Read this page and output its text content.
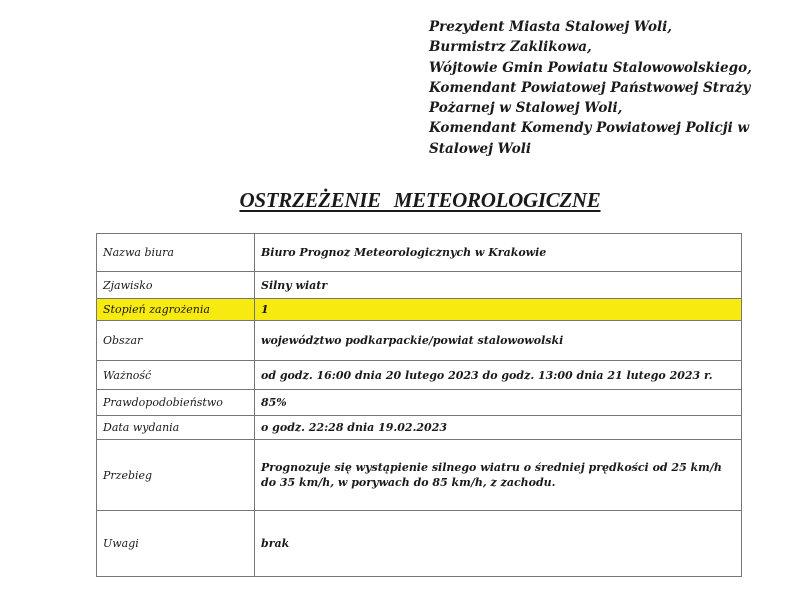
Prezydent Miasta Stalowej Woli,
Burmistrz Zaklikowa,
Wójtowie Gmin Powiatu Stalowowolskiego,
Komendant Powiatowej Państwowej Straży
Pożarnej w Stalowej Woli,
Komendant Komendy Powiatowej Policji w
Stalowej Woli
OSTRZEŻENIE METEOROLOGICZNE
Nazwa biura	Biuro Prognoz Meteorologicznych w Krakowie
Zjawisko	Silny wiatr
Stopień zagrożenia	1
Obszar	województwo podkarpackie/powiat stalowowolski
Ważność	od godz. 16:00 dnia 20 lutego 2023 do godz. 13:00 dnia 21 lutego 2023 r.
Prawdopodobieństwo	85%
Data wydania	o godz. 22:28 dnia 19.02.2023
Przebieg	Prognozuje się wystąpienie silnego wiatru o średniej prędkości od 25 km/h do 35 km/h, w porywach do 85 km/h, z zachodu.

Uwagi	brak
